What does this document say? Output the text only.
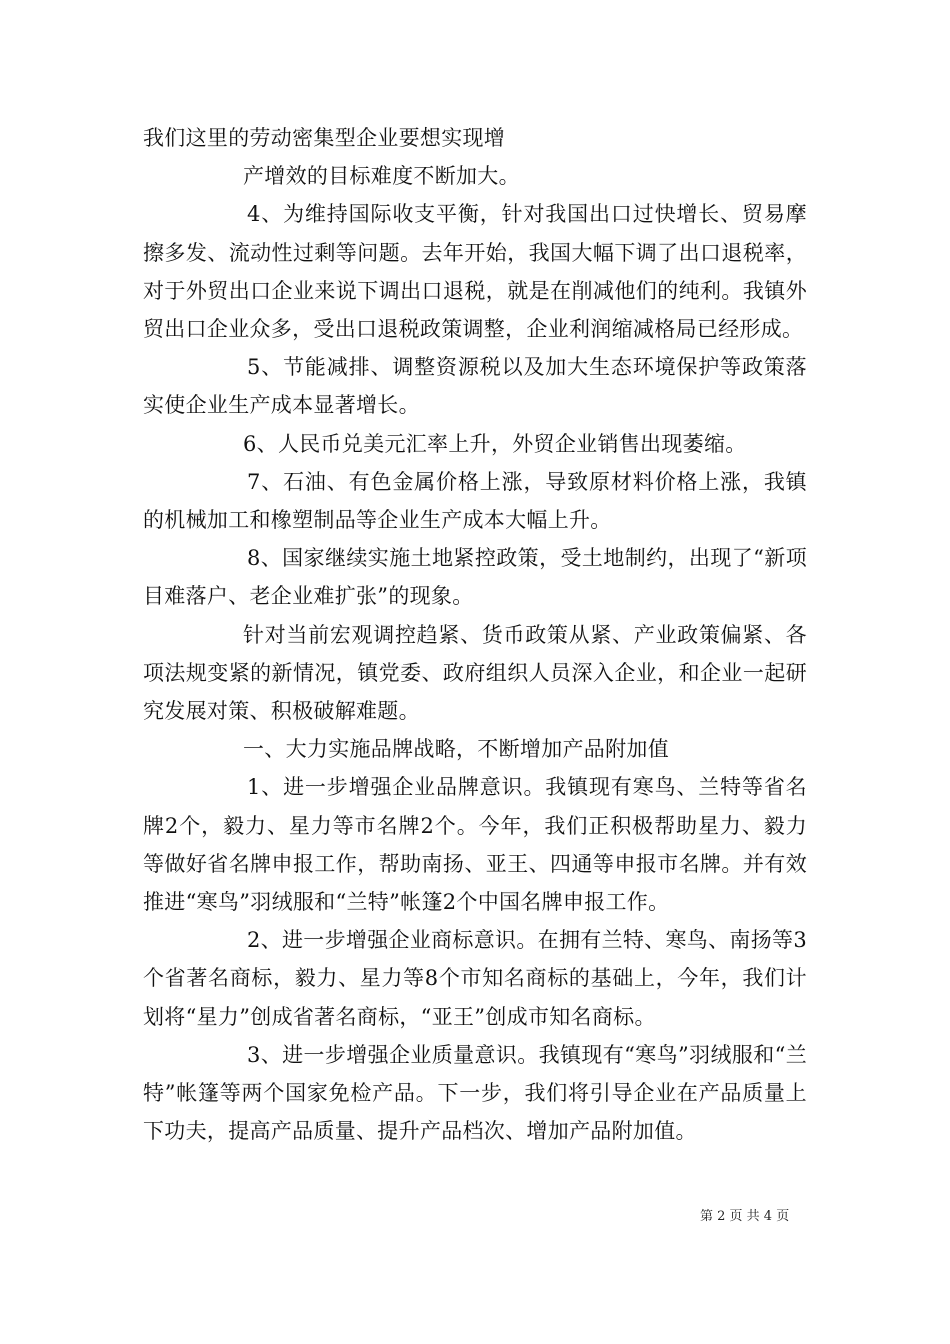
我们这里的劳动密集型企业要想实现增

产增效的目标难度不断加大。

4、为维持国际收支平衡，针对我国出口过快增长、贸易摩擦多发、流动性过剩等问题。去年开始，我国大幅下调了出口退税率，对于外贸出口企业来说下调出口退税，就是在削减他们的纯利。我镇外贸出口企业众多，受出口退税政策调整，企业利润缩减格局已经形成。

5、节能减排、调整资源税以及加大生态环境保护等政策落实使企业生产成本显著增长。

6、人民币兑美元汇率上升，外贸企业销售出现萎缩。

7、石油、有色金属价格上涨，导致原材料价格上涨，我镇的机械加工和橡塑制品等企业生产成本大幅上升。

8、国家继续实施土地紧控政策，受土地制约，出现了“新项目难落户、老企业难扩张”的现象。

针对当前宏观调控趋紧、货币政策从紧、产业政策偏紧、各项法规变紧的新情况，镇党委、政府组织人员深入企业，和企业一起研究发展对策、积极破解难题。

一、大力实施品牌战略，不断增加产品附加值

1、进一步增强企业品牌意识。我镇现有寒鸟、兰特等省名牌2个，毅力、星力等市名牌2个。今年，我们正积极帮助星力、毅力等做好省名牌申报工作，帮助南扬、亚王、四通等申报市名牌。并有效推进“寒鸟”羽绒服和“兰特”帐篷2个中国名牌申报工作。

2、进一步增强企业商标意识。在拥有兰特、寒鸟、南扬等3个省著名商标，毅力、星力等8个市知名商标的基础上，今年，我们计划将“星力”创成省著名商标，“亚王”创成市知名商标。

3、进一步增强企业质量意识。我镇现有“寒鸟”羽绒服和“兰特”帐篷等两个国家免检产品。下一步，我们将引导企业在产品质量上下功夫，提高产品质量、提升产品档次、增加产品附加值。

第 2 页 共 4 页
